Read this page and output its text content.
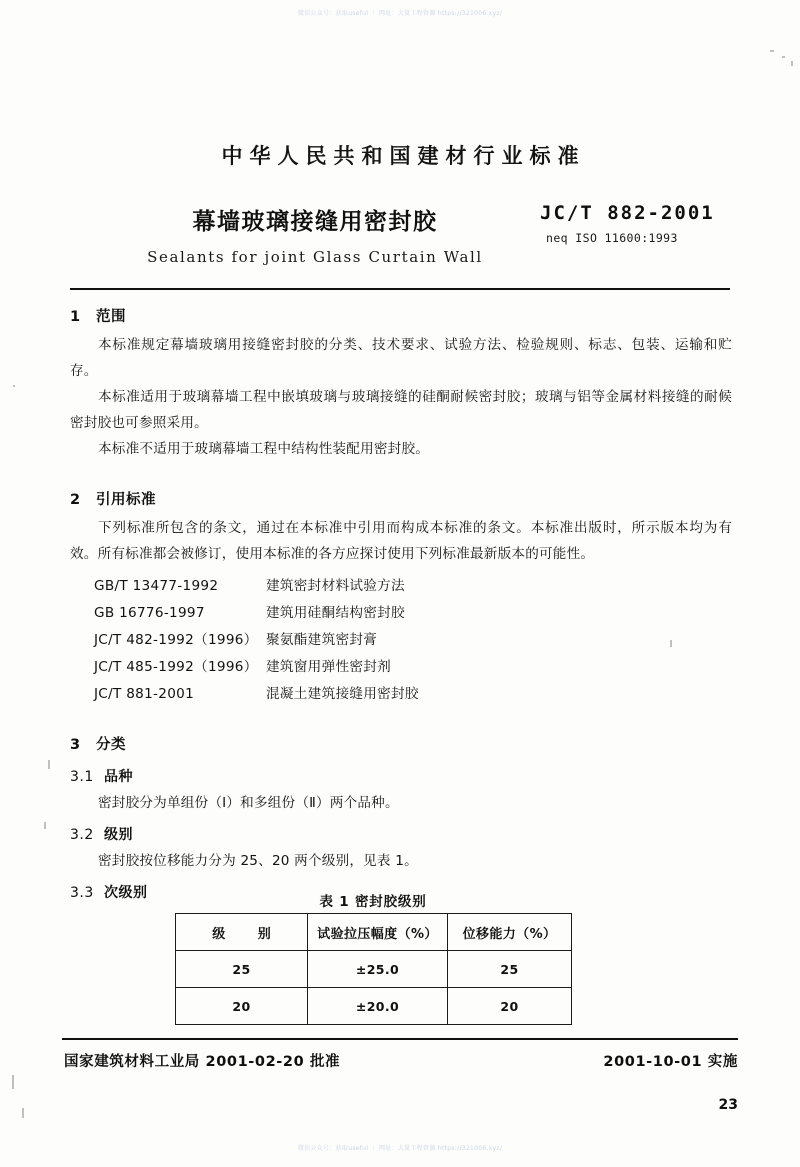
微信公众号：获取useful ｜ 网址：大量工程资源 https://321006.xyz/
中华人民共和国建材行业标准
幕墙玻璃接缝用密封胶
Sealants for joint Glass Curtain Wall
JC/T 882-2001
neq ISO 11600:1993

1 范围

本标准规定幕墙玻璃用接缝密封胶的分类、技术要求、试验方法、检验规则、标志、包装、运输和贮存。

本标准适用于玻璃幕墙工程中嵌填玻璃与玻璃接缝的硅酮耐候密封胶；玻璃与铝等金属材料接缝的耐候密封胶也可参照采用。

本标准不适用于玻璃幕墙工程中结构性装配用密封胶。

2 引用标准

下列标准所包含的条文，通过在本标准中引用而构成本标准的条文。本标准出版时，所示版本均为有效。所有标准都会被修订，使用本标准的各方应探讨使用下列标准最新版本的可能性。

GB/T 13477-1992	建筑密封材料试验方法
GB 16776-1997	建筑用硅酮结构密封胶
JC/T 482-1992（1996） 聚氨酯建筑密封膏
JC/T 485-1992（1996） 建筑窗用弹性密封剂
JC/T 881-2001	混凝土建筑接缝用密封胶

3 分类

3.1 品种

密封胶分为单组份（Ⅰ）和多组份（Ⅱ）两个品种。

3.2 级别

密封胶按位移能力分为 25、20 两个级别，见表 1。

3.3 次级别

表 1 密封胶级别
级 别	试验拉压幅度（%）	位移能力（%）
25	±25.0	25
20	±20.0	20
国家建筑材料工业局 2001-02-20 批准	2001-10-01 实施
23
微信公众号：获取useful ｜ 网址：大量工程资源 https://321006.xyz/
